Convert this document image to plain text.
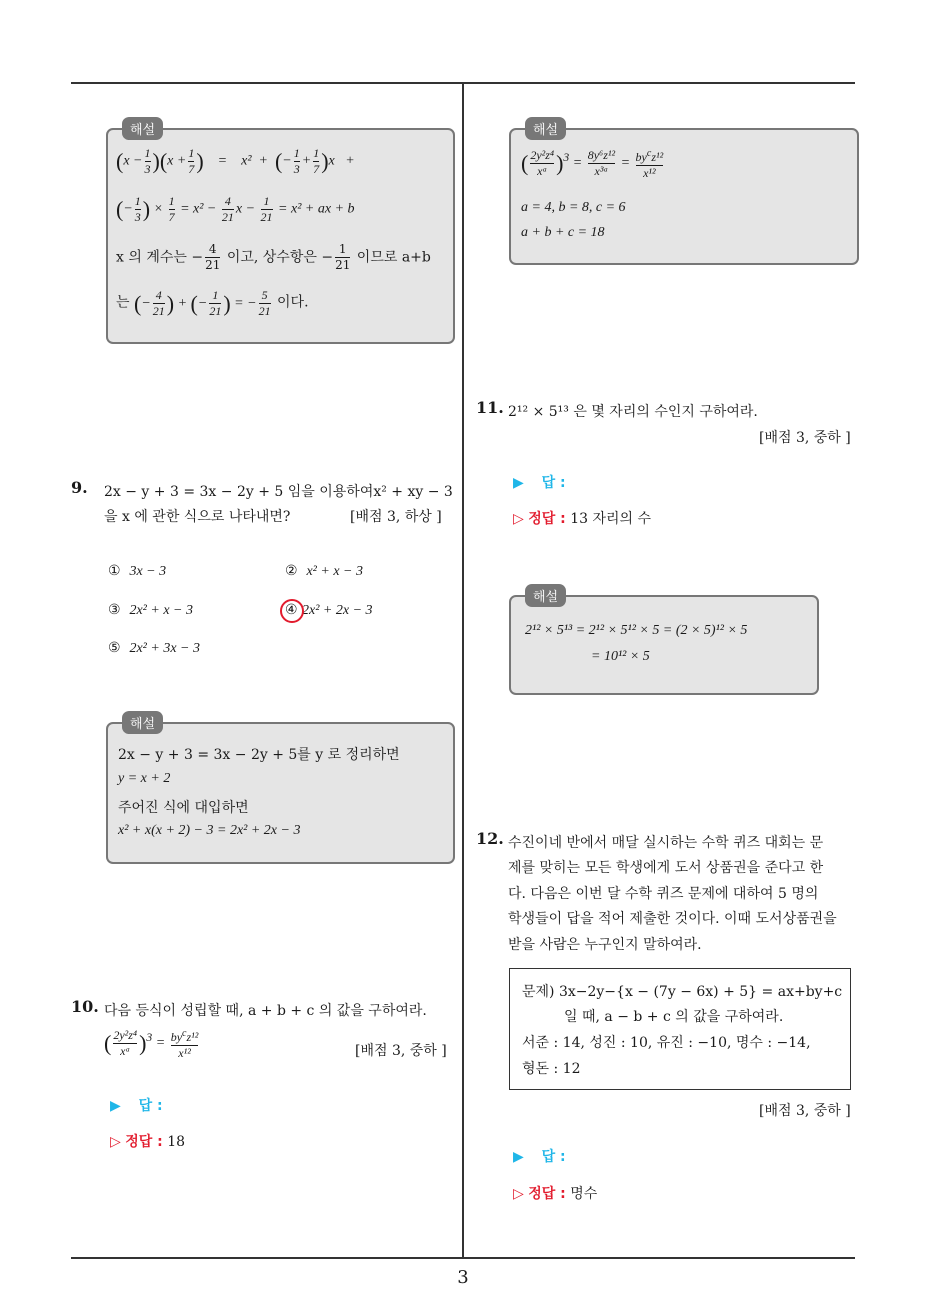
해설
$(x - \frac{1}{3} )(x + \frac{1}{7}$ )    =    x²  +  (− $\frac{1}{3} + \frac{1}{7} )x$   +
(− $\frac{1}{3}$ ) × $\frac{1}{7} = x^2 - \frac{4}{21}$ $x - \frac{1}{21} = x^2$ + ax + b
x 의 계수는 − $\frac{4}{21}$ 이고, 상수항은 − $\frac{1}{21}$ 이므로 a+b
는 (− $\frac{4}{21}$ ) + (− $\frac{1}{21}$ ) = − $\frac{5}{21}$ 이다.
9. 2x − y + 3 = 3x − 2y + 5 임을 이용하여x² + xy − 3
을 x 에 관한 식으로 나타내면?	[배점 3, 하상 ]
① 3x − 3	② x² + x − 3
③ 2x² + x − 3	④ 2x² + 2x − 3
⑤ 2x² + 3x − 3
해설
2x − y + 3 = 3x − 2y + 5를 y 로 정리하면
y = x + 2
주어진 식에 대입하면
x² + x(x + 2) − 3 = 2x² + 2x − 3
10. 다음 등식이 성립할 때, a + b + c 의 값을 구하여라.
( $\frac{\text{2y²z⁴}}{\text{xᵃ}} )^3 = \frac{by^cz^{12}}{\text{x¹²}}$	[배점 3, 중하 ]
▶ 답 :
▷ 정답 : 18
해설
( $\frac{\text{2y²z⁴}}{\text{xᵃ}} )^3 = \frac{\text{8y⁶z¹²}}{\text{x³ᵃ}} = \frac{by^cz^{12}}{\text{x¹²}}$
a = 4, b = 8, c = 6
a + b + c = 18
11. 2¹² × 5¹³ 은 몇 자리의 수인지 구하여라.
[배점 3, 중하 ]
▶ 답 :
▷ 정답 : 13 자리의 수
해설
2¹² × 5¹³ = 2¹² × 5¹² × 5 = (2 × 5)¹² × 5
= 10¹² × 5
12. 수진이네 반에서 매달 실시하는 수학 퀴즈 대회는 문
제를 맞히는 모든 학생에게 도서 상품권을 준다고 한
다. 다음은 이번 달 수학 퀴즈 문제에 대하여 5 명의
학생들이 답을 적어 제출한 것이다. 이때 도서상품권을
받을 사람은 누구인지 말하여라.
문제) 3x−2y−{x − (7y − 6x) + 5} = ax+by+c
일 때, a − b + c 의 값을 구하여라.
서준 : 14, 성진 : 10, 유진 : −10, 명수 : −14,
형돈 : 12
[배점 3, 중하 ]
▶ 답 :
▷ 정답 : 명수
3
